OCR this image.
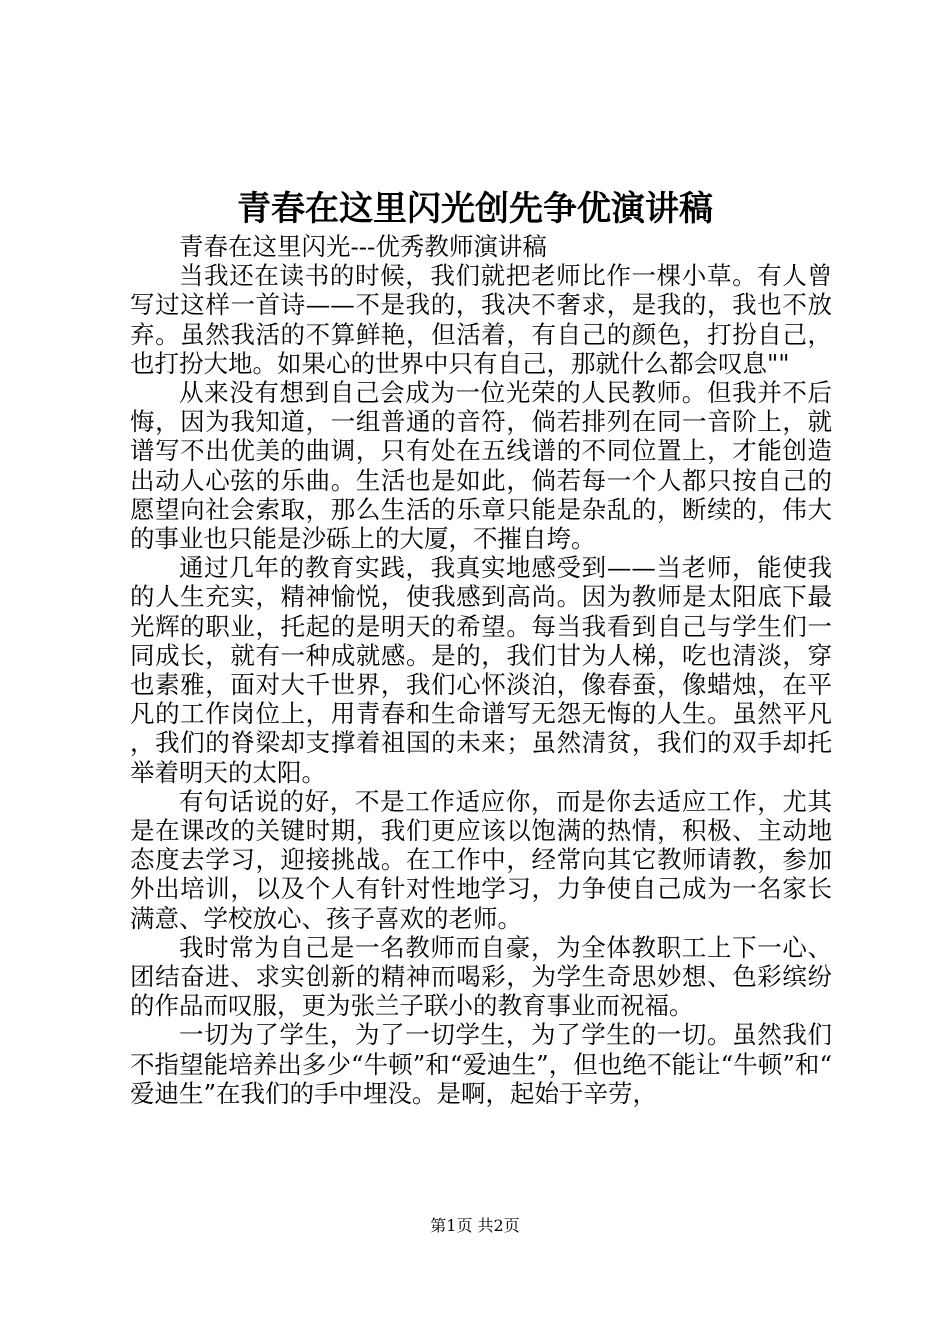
青春在这里闪光创先争优演讲稿

青春在这里闪光---优秀教师演讲稿

当我还在读书的时候，我们就把老师比作一棵小草。有人曾写过这样一首诗——不是我的，我决不奢求，是我的，我也不放弃。虽然我活的不算鲜艳，但活着，有自己的颜色，打扮自己，也打扮大地。如果心的世界中只有自己，那就什么都会叹息""

从来没有想到自己会成为一位光荣的人民教师。但我并不后悔，因为我知道，一组普通的音符，倘若排列在同一音阶上，就谱写不出优美的曲调，只有处在五线谱的不同位置上，才能创造出动人心弦的乐曲。生活也是如此，倘若每一个人都只按自己的愿望向社会索取，那么生活的乐章只能是杂乱的，断续的，伟大的事业也只能是沙砾上的大厦，不摧自垮。

通过几年的教育实践，我真实地感受到——当老师，能使我的人生充实，精神愉悦，使我感到高尚。因为教师是太阳底下最光辉的职业，托起的是明天的希望。每当我看到自己与学生们一同成长，就有一种成就感。是的，我们甘为人梯，吃也清淡，穿也素雅，面对大千世界，我们心怀淡泊，像春蚕，像蜡烛，在平凡的工作岗位上，用青春和生命谱写无怨无悔的人生。虽然平凡，我们的脊梁却支撑着祖国的未来；虽然清贫，我们的双手却托举着明天的太阳。

有句话说的好，不是工作适应你，而是你去适应工作，尤其是在课改的关键时期，我们更应该以饱满的热情，积极、主动地态度去学习，迎接挑战。在工作中，经常向其它教师请教，参加外出培训，以及个人有针对性地学习，力争使自己成为一名家长满意、学校放心、孩子喜欢的老师。

我时常为自己是一名教师而自豪，为全体教职工上下一心、团结奋进、求实创新的精神而喝彩，为学生奇思妙想、色彩缤纷的作品而叹服，更为张兰子联小的教育事业而祝福。

一切为了学生，为了一切学生，为了学生的一切。虽然我们不指望能培养出多少“牛顿”和“爱迪生”，但也绝不能让“牛顿”和“爱迪生”在我们的手中埋没。是啊，起始于辛劳，

第1页 共2页
